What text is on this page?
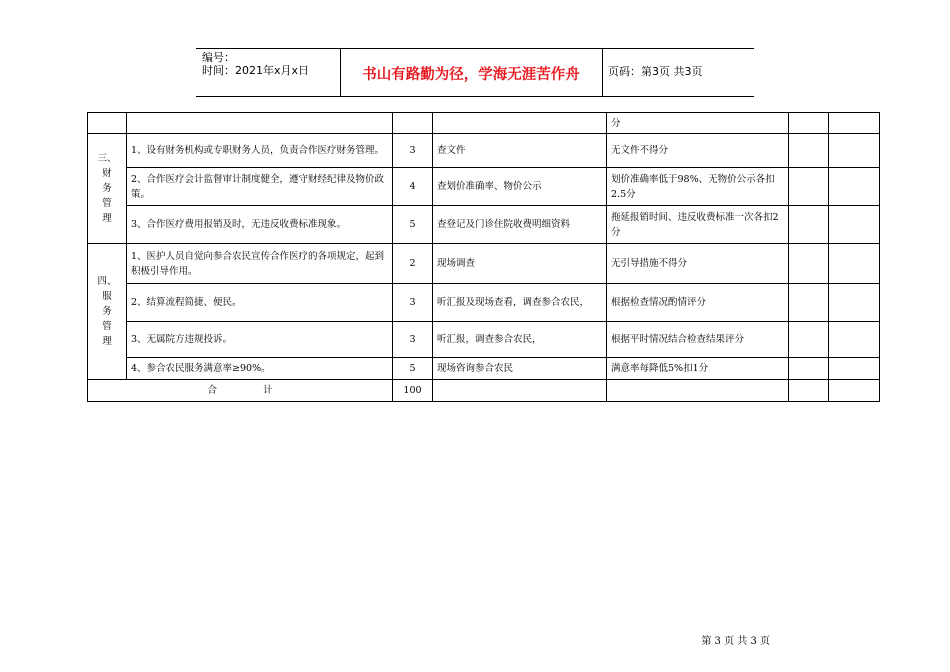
编号：
时间：2021年x月x日	书山有路勤为径，学海无涯苦作舟	页码：第3页 共3页
				分		
三、
财
务
管
理	1、设有财务机构或专职财务人员，负责合作医疗财务管理。	3	查文件	无文件不得分		
	2、合作医疗会计监督审计制度健全，遵守财经纪律及物价政策。	4	查划价准确率、物价公示	划价准确率低于98%、无物价公示各扣2.5分		
	3、合作医疗费用报销及时，无违反收费标准现象。	5	查登记及门诊住院收费明细资料	拖延报销时间、违反收费标准一次各扣2分		
四、
服
务
管
理	1、医护人员自觉向参合农民宣传合作医疗的各项规定，起到积极引导作用。	2	现场调查	无引导措施不得分		
	2、结算流程简捷、便民。	3	听汇报及现场查看，调查参合农民，	根据检查情况酌情评分		
	3、无属院方违规投诉。	3	听汇报，调查参合农民，	根据平时情况结合检查结果评分		
	4、参合农民服务满意率≥90%。	5	现场咨询参合农民	满意率每降低5%扣1分		
合 计		100				
第 3 页 共 3 页
